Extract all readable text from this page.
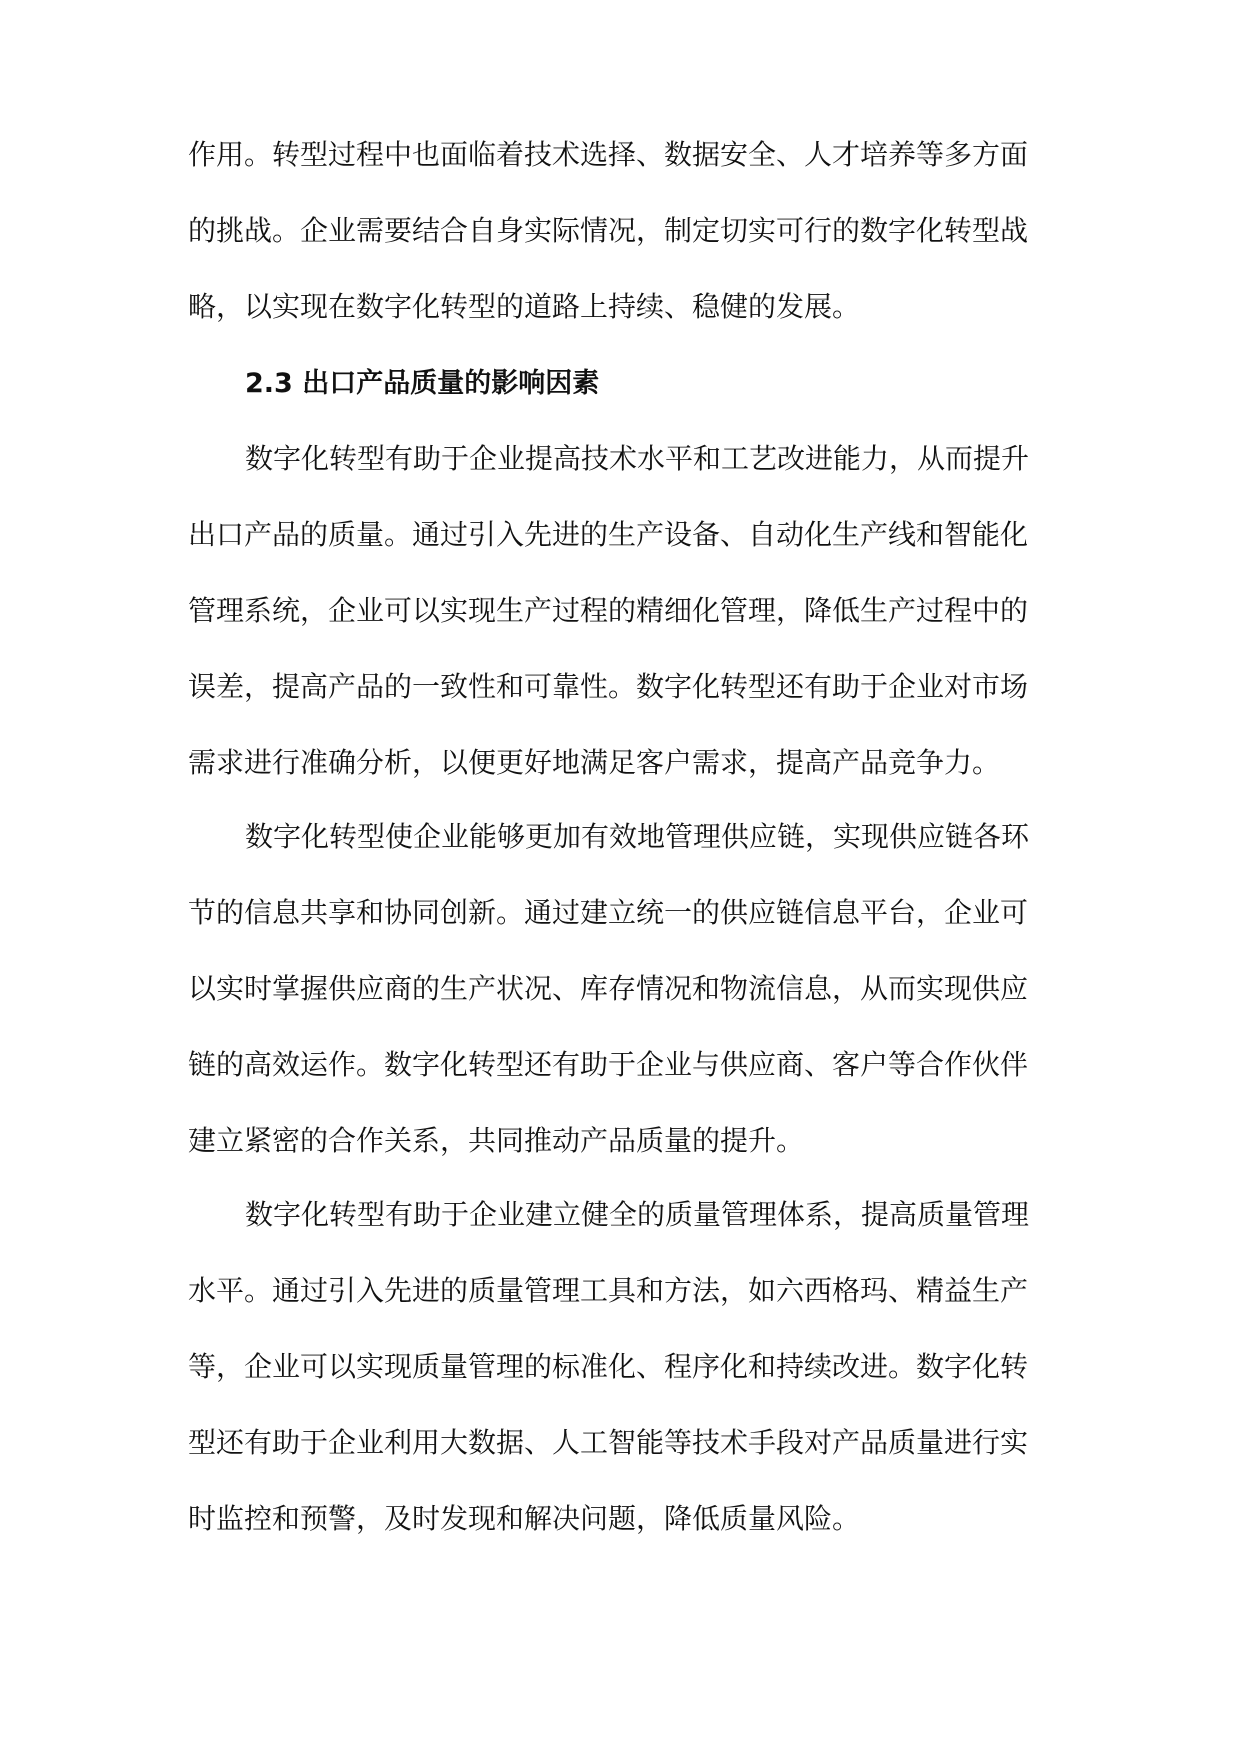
作用。转型过程中也面临着技术选择、数据安全、人才培养等多方面
的挑战。企业需要结合自身实际情况，制定切实可行的数字化转型战
略，以实现在数字化转型的道路上持续、稳健的发展。
2.3 出口产品质量的影响因素
数字化转型有助于企业提高技术水平和工艺改进能力，从而提升
出口产品的质量。通过引入先进的生产设备、自动化生产线和智能化
管理系统，企业可以实现生产过程的精细化管理，降低生产过程中的
误差，提高产品的一致性和可靠性。数字化转型还有助于企业对市场
需求进行准确分析，以便更好地满足客户需求，提高产品竞争力。
数字化转型使企业能够更加有效地管理供应链，实现供应链各环
节的信息共享和协同创新。通过建立统一的供应链信息平台，企业可
以实时掌握供应商的生产状况、库存情况和物流信息，从而实现供应
链的高效运作。数字化转型还有助于企业与供应商、客户等合作伙伴
建立紧密的合作关系，共同推动产品质量的提升。
数字化转型有助于企业建立健全的质量管理体系，提高质量管理
水平。通过引入先进的质量管理工具和方法，如六西格玛、精益生产
等，企业可以实现质量管理的标准化、程序化和持续改进。数字化转
型还有助于企业利用大数据、人工智能等技术手段对产品质量进行实
时监控和预警，及时发现和解决问题，降低质量风险。
